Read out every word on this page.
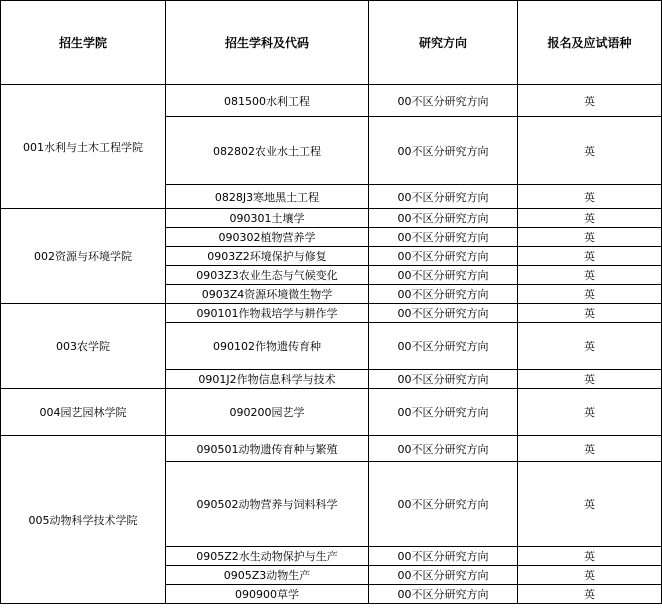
招生学院	招生学科及代码	研究方向	报名及应试语种
001水利与土木工程学院	081500水利工程	00不区分研究方向	英
	082802农业水土工程	00不区分研究方向	英
	0828J3寒地黑土工程	00不区分研究方向	英
002资源与环境学院	090301土壤学	00不区分研究方向	英
	090302植物营养学	00不区分研究方向	英
	0903Z2环境保护与修复	00不区分研究方向	英
	0903Z3农业生态与气候变化	00不区分研究方向	英
	0903Z4资源环境微生物学	00不区分研究方向	英
003农学院	090101作物栽培学与耕作学	00不区分研究方向	英
	090102作物遗传育种	00不区分研究方向	英
	0901J2作物信息科学与技术	00不区分研究方向	英
004园艺园林学院	090200园艺学	00不区分研究方向	英
005动物科学技术学院	090501动物遗传育种与繁殖	00不区分研究方向	英
	090502动物营养与饲料科学	00不区分研究方向	英
	0905Z2水生动物保护与生产	00不区分研究方向	英
	0905Z3动物生产	00不区分研究方向	英
	090900草学	00不区分研究方向	英
